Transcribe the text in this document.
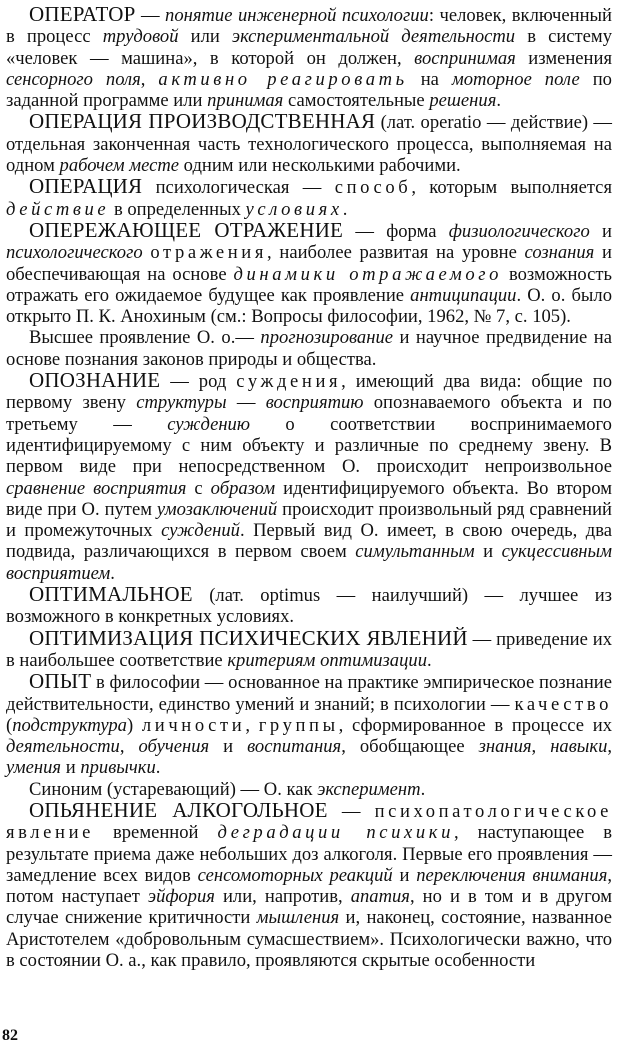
ОПЕРАТОР — понятие инженерной психологии: человек, включенный в процесс трудовой или экспериментальной деятельности в систему «человек — машина», в которой он должен, воспринимая изменения сенсорного поля, активно реагировать на моторное поле по заданной программе или принимая самостоятельные решения.

ОПЕРАЦИЯ ПРОИЗВОДСТВЕННАЯ (лат. operatio — действие) — отдельная законченная часть технологического процесса, выполняемая на одном рабочем месте одним или несколькими рабочими.

ОПЕРАЦИЯ психологическая — способ, которым выполняется действие в определенных условиях.

ОПЕРЕЖАЮЩЕЕ ОТРАЖЕНИЕ — форма физиологического и психологического отражения, наиболее развитая на уровне сознания и обеспечивающая на основе динамики отражаемого возможность отражать его ожидаемое будущее как проявление антиципации. О. о. было открыто П. К. Анохиным (см.: Вопросы философии, 1962, № 7, с. 105).

Высшее проявление О. о.— прогнозирование и научное предвидение на основе познания законов природы и общества.

ОПОЗНАНИЕ — род суждения, имеющий два вида: общие по первому звену структуры — восприятию опознаваемого объекта и по третьему — суждению о соответствии воспринимаемого идентифицируемому с ним объекту и различные по среднему звену. В первом виде при непосредственном О. происходит непроизвольное сравнение восприятия с образом идентифицируемого объекта. Во втором виде при О. путем умозаключений происходит произвольный ряд сравнений и промежуточных суждений. Первый вид О. имеет, в свою очередь, два подвида, различающихся в первом своем симультанным и сукцессивным восприятием.

ОПТИМАЛЬНОЕ (лат. optimus — наилучший) — лучшее из возможного в конкретных условиях.

ОПТИМИЗАЦИЯ ПСИХИЧЕСКИХ ЯВЛЕНИЙ — приведение их в наибольшее соответствие критериям оптимизации.

ОПЫТ в философии — основанное на практике эмпирическое познание действительности, единство умений и знаний; в психологии — качество (подструктура) личности, группы, сформированное в процессе их деятельности, обучения и воспитания, обобщающее знания, навыки, умения и привычки.

Синоним (устаревающий) — О. как эксперимент.

ОПЬЯНЕНИЕ АЛКОГОЛЬНОЕ — психопатологическое явление временной деградации психики, наступающее в результате приема даже небольших доз алкоголя. Первые его проявления — замедление всех видов сенсомоторных реакций и переключения внимания, потом наступает эйфория или, напротив, апатия, но и в том и в другом случае снижение критичности мышления и, наконец, состояние, названное Аристотелем «добровольным сумасшествием». Психологически важно, что в состоянии О. а., как правило, проявляются скрытые особенности

82
